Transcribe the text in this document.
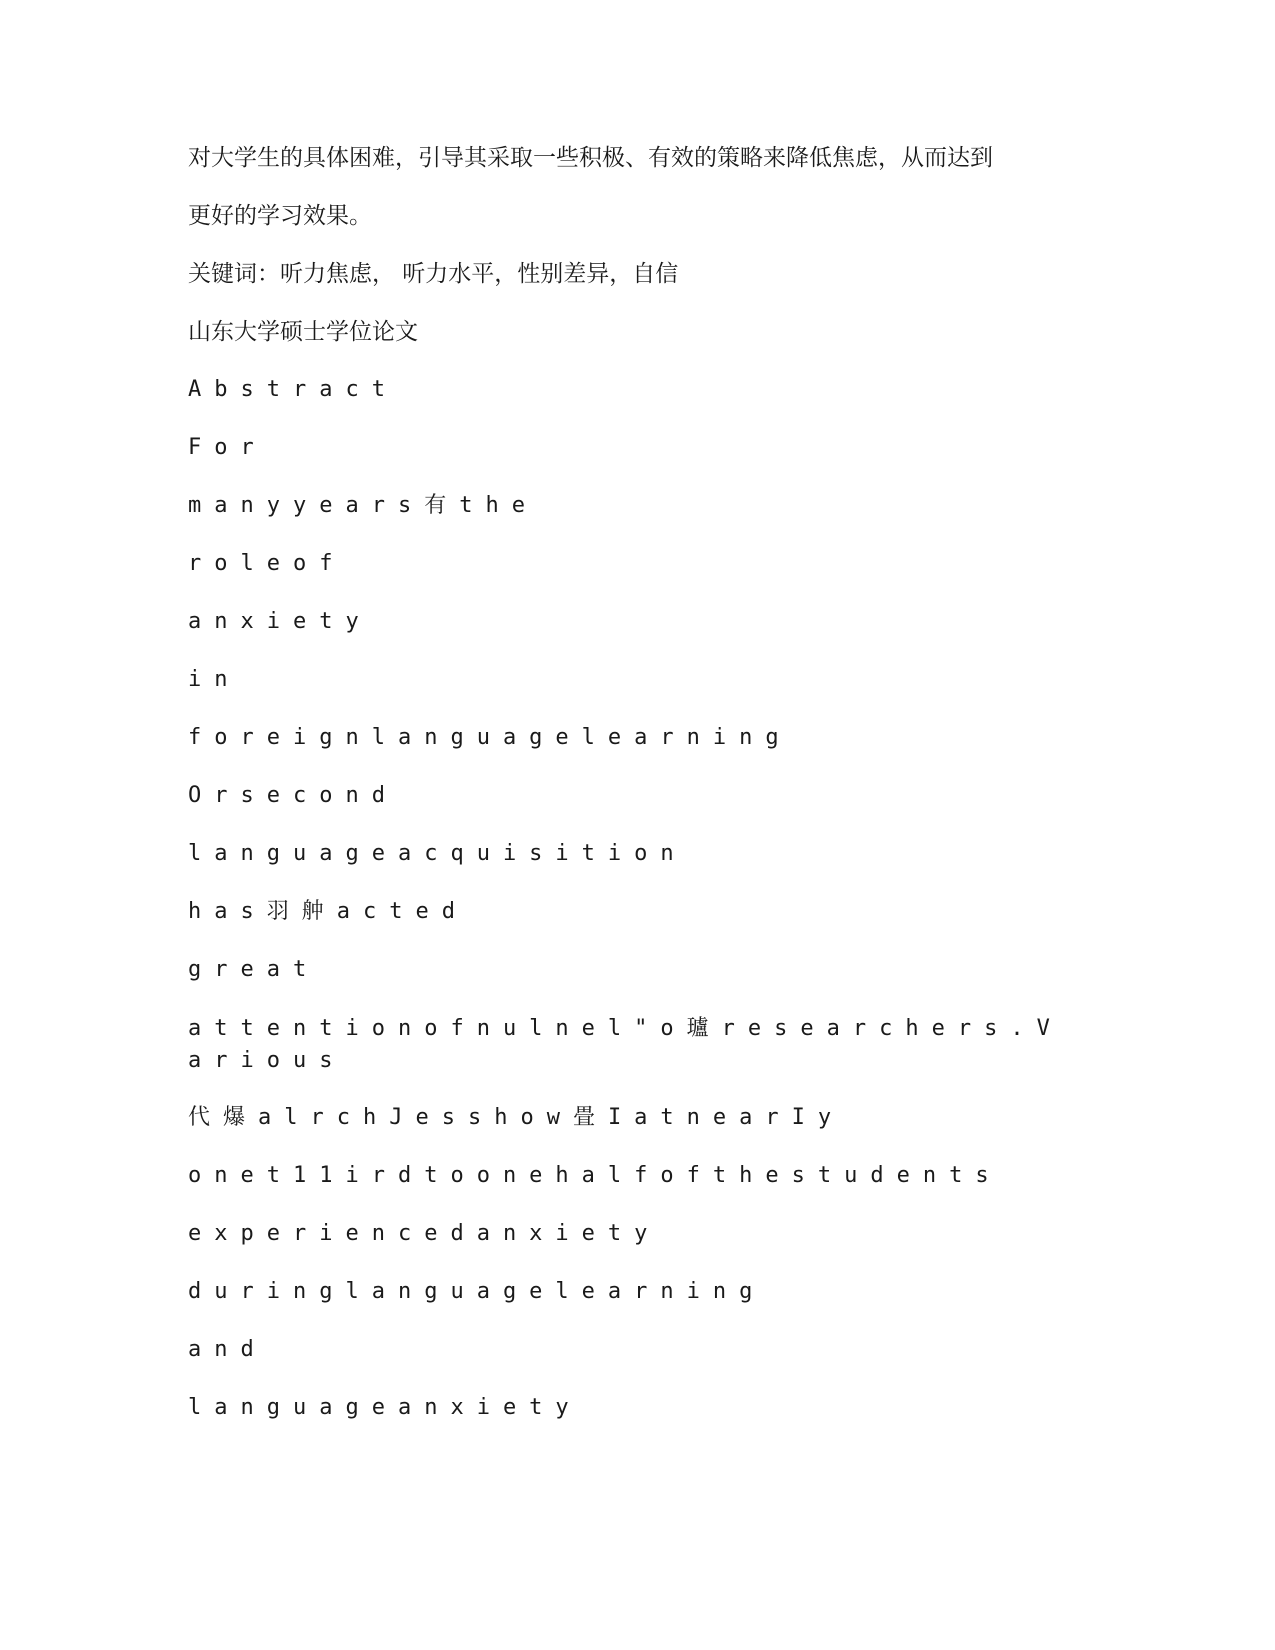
对大学生的具体困难，引导其采取一些积极、有效的策略来降低焦虑，从而达到
更好的学习效果。
关键词：听力焦虑， 听力水平，性别差异，自信
山东大学硕士学位论文
Abstract
For
manyyears有the
roleof
anxiety
in
foreignlanguagelearning
Orsecond
languageacquisition
has羽舯acted
great
attentionofnulnel"o瓐researchers.Various
代爆alrchJesshow畳IatnearIy
onet11irdtoonehalfofthestudents
experiencedanxiety
duringlanguagelearning
and
languageanxiety
